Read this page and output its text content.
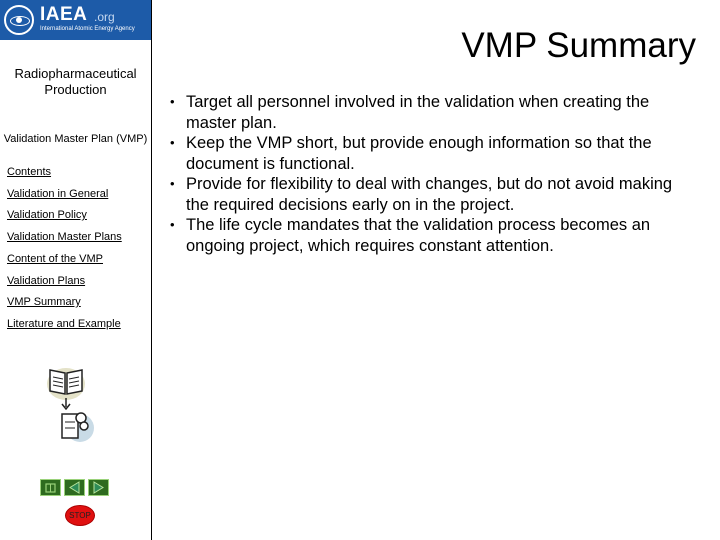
IAEA .org
International Atomic Energy Agency
Radiopharmaceutical Production
Validation Master Plan (VMP)
Contents
Validation in General
Validation Policy
Validation Master Plans
Content of the VMP
Validation Plans
VMP Summary
Literature and Example
STOP
VMP Summary
• Target all personnel involved in the validation when creating the master plan.
• Keep the VMP short, but provide enough information so that the document is functional.
• Provide for flexibility to deal with changes, but do not avoid making the required decisions early on in the project.
• The life cycle mandates that the validation process becomes an ongoing project, which requires constant attention.
